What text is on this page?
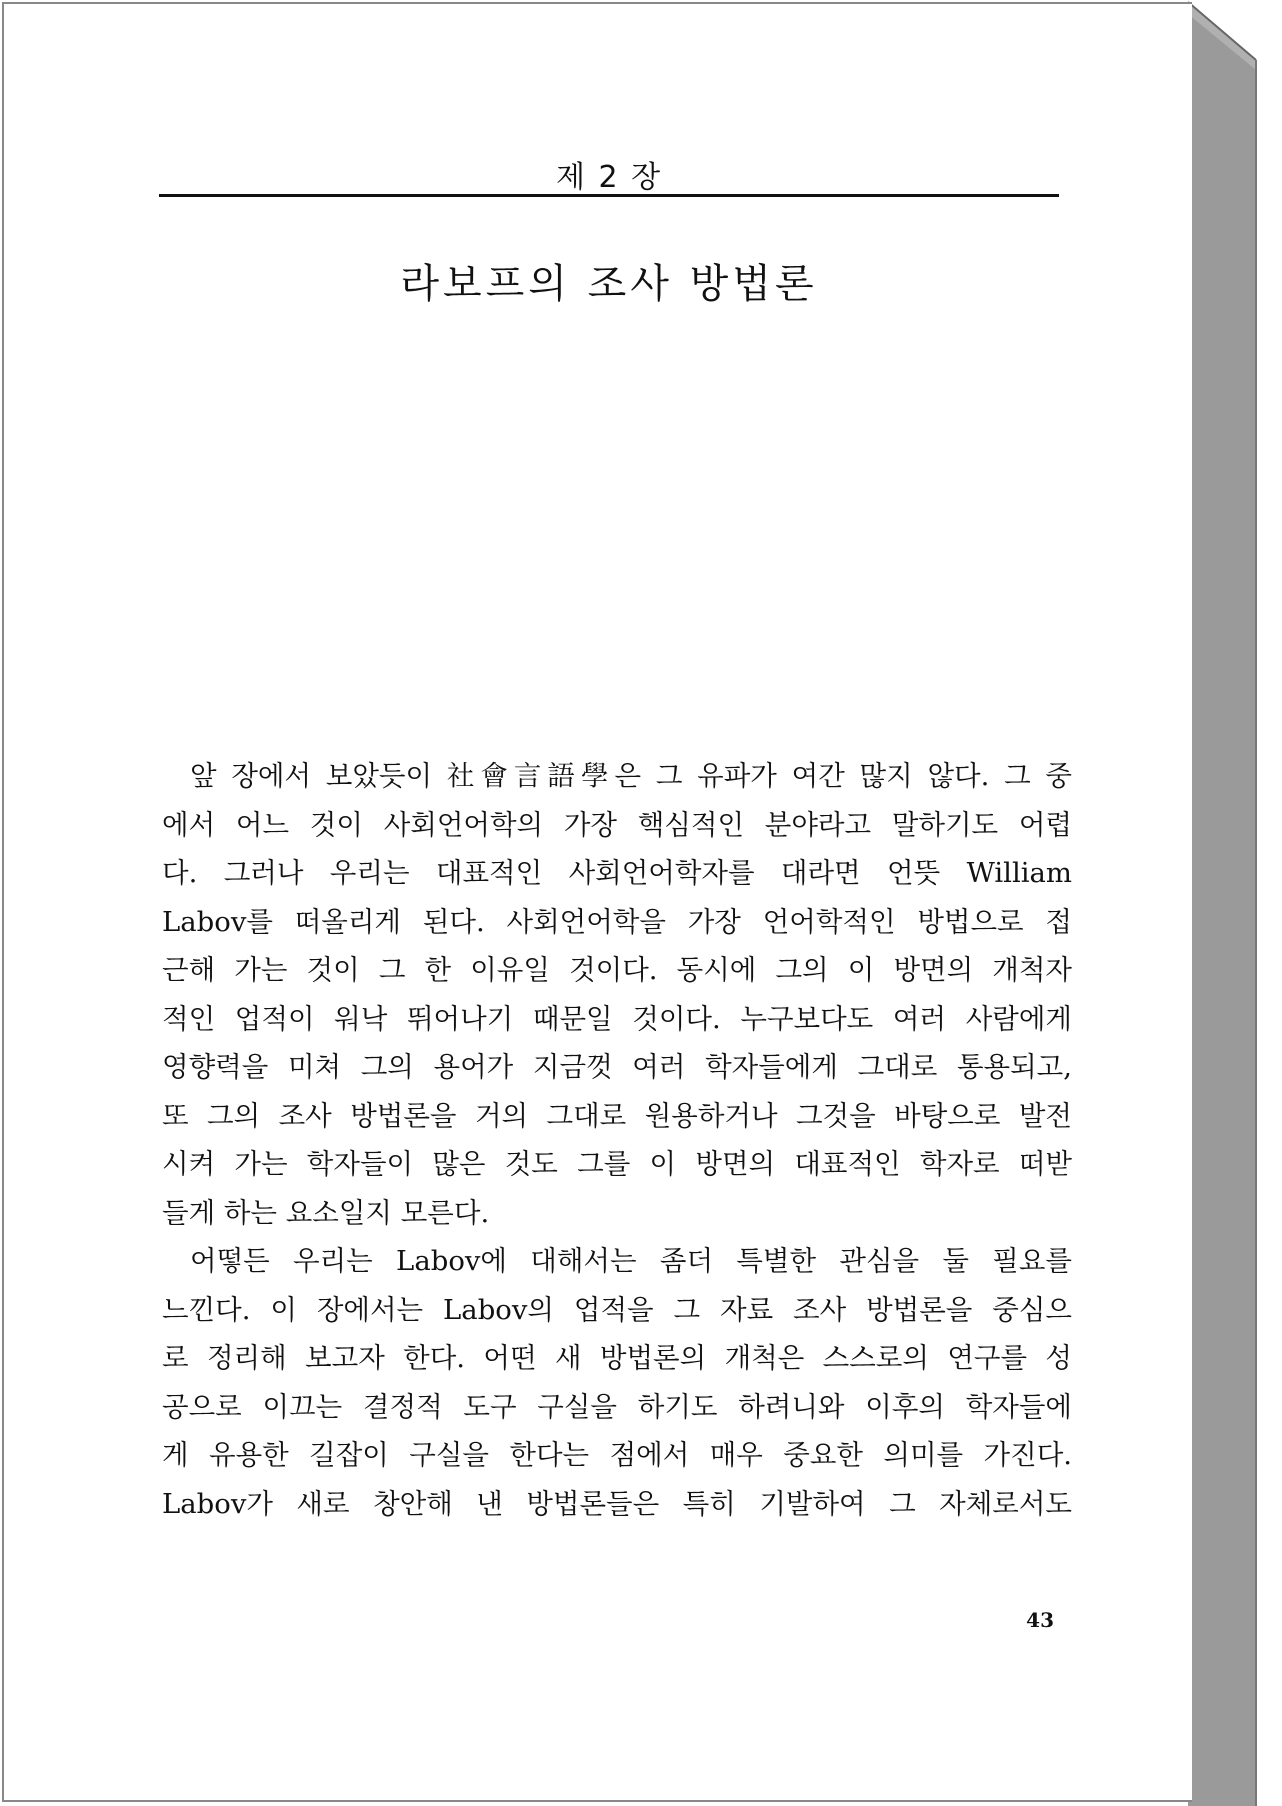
제 2 장
라보프의 조사 방법론
앞 장에서 보았듯이 社會言語學은 그 유파가 여간 많지 않다. 그 중
에서 어느 것이 사회언어학의 가장 핵심적인 분야라고 말하기도 어렵
다. 그러나 우리는 대표적인 사회언어학자를 대라면 언뜻 William
Labov를 떠올리게 된다. 사회언어학을 가장 언어학적인 방법으로 접
근해 가는 것이 그 한 이유일 것이다. 동시에 그의 이 방면의 개척자
적인 업적이 워낙 뛰어나기 때문일 것이다. 누구보다도 여러 사람에게
영향력을 미쳐 그의 용어가 지금껏 여러 학자들에게 그대로 통용되고,
또 그의 조사 방법론을 거의 그대로 원용하거나 그것을 바탕으로 발전
시켜 가는 학자들이 많은 것도 그를 이 방면의 대표적인 학자로 떠받
들게 하는 요소일지 모른다.
어떻든 우리는 Labov에 대해서는 좀더 특별한 관심을 둘 필요를
느낀다. 이 장에서는 Labov의 업적을 그 자료 조사 방법론을 중심으
로 정리해 보고자 한다. 어떤 새 방법론의 개척은 스스로의 연구를 성
공으로 이끄는 결정적 도구 구실을 하기도 하려니와 이후의 학자들에
게 유용한 길잡이 구실을 한다는 점에서 매우 중요한 의미를 가진다.
Labov가 새로 창안해 낸 방법론들은 특히 기발하여 그 자체로서도
43
